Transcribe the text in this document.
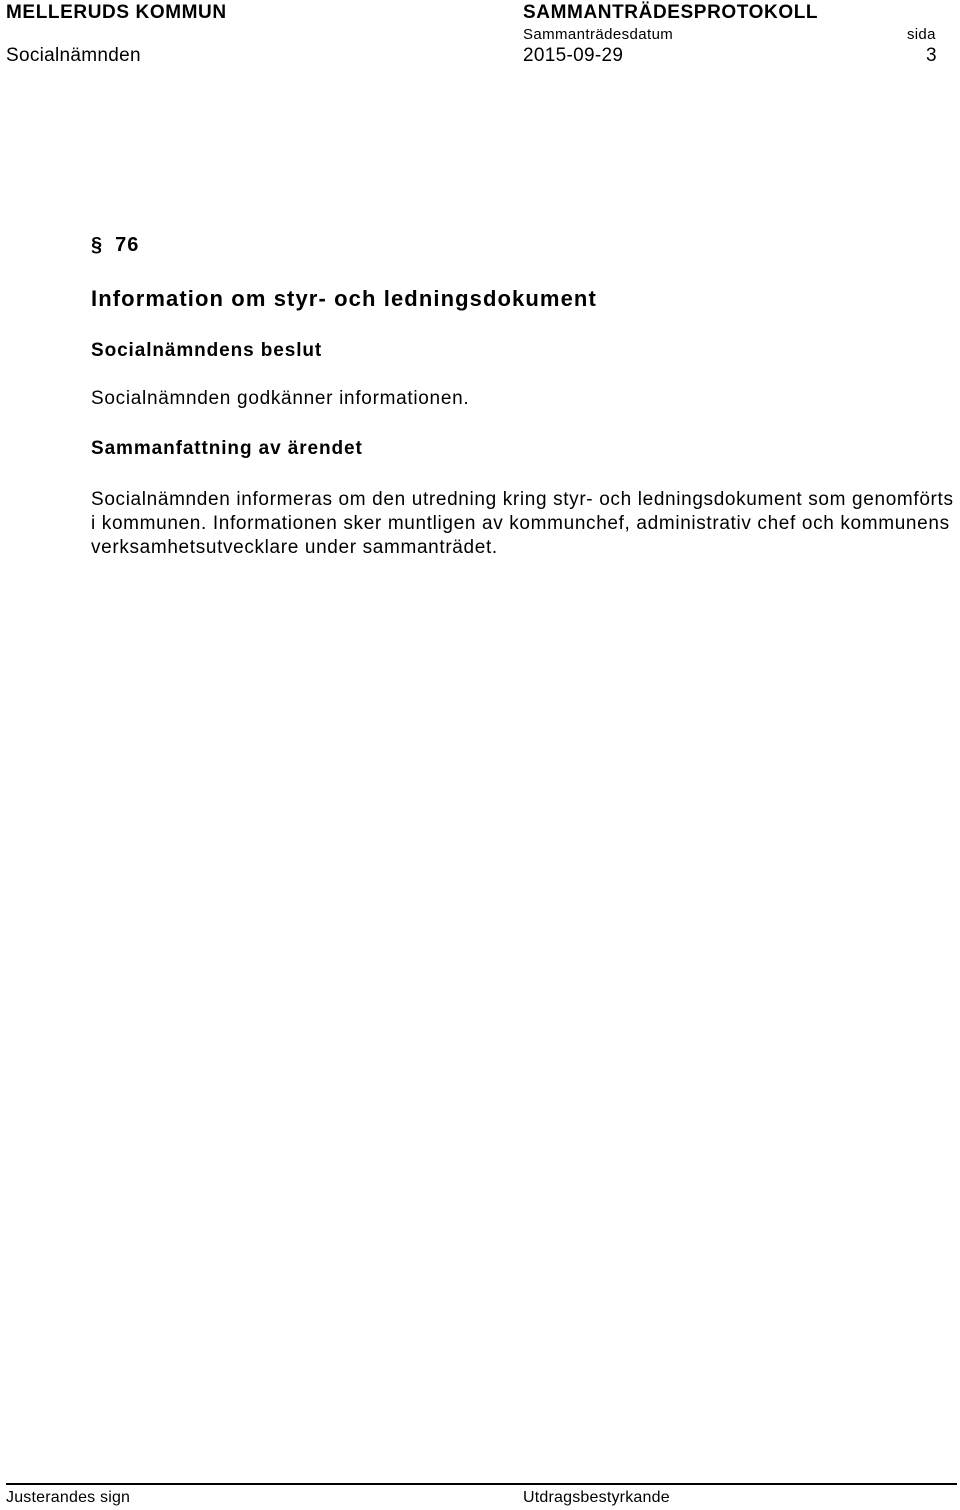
MELLERUDS KOMMUN	SAMMANTRÄDESPROTOKOLL
Sammanträdesdatum	sida
Socialnämnden	2015-09-29	3
§ 76
Information om styr- och ledningsdokument
Socialnämndens beslut
Socialnämnden godkänner informationen.
Sammanfattning av ärendet
Socialnämnden informeras om den utredning kring styr- och ledningsdokument som genomförts i kommunen. Informationen sker muntligen av kommunchef, administrativ chef och kommunens verksamhetsutvecklare under sammanträdet.
Justerandes sign	Utdragsbestyrkande
